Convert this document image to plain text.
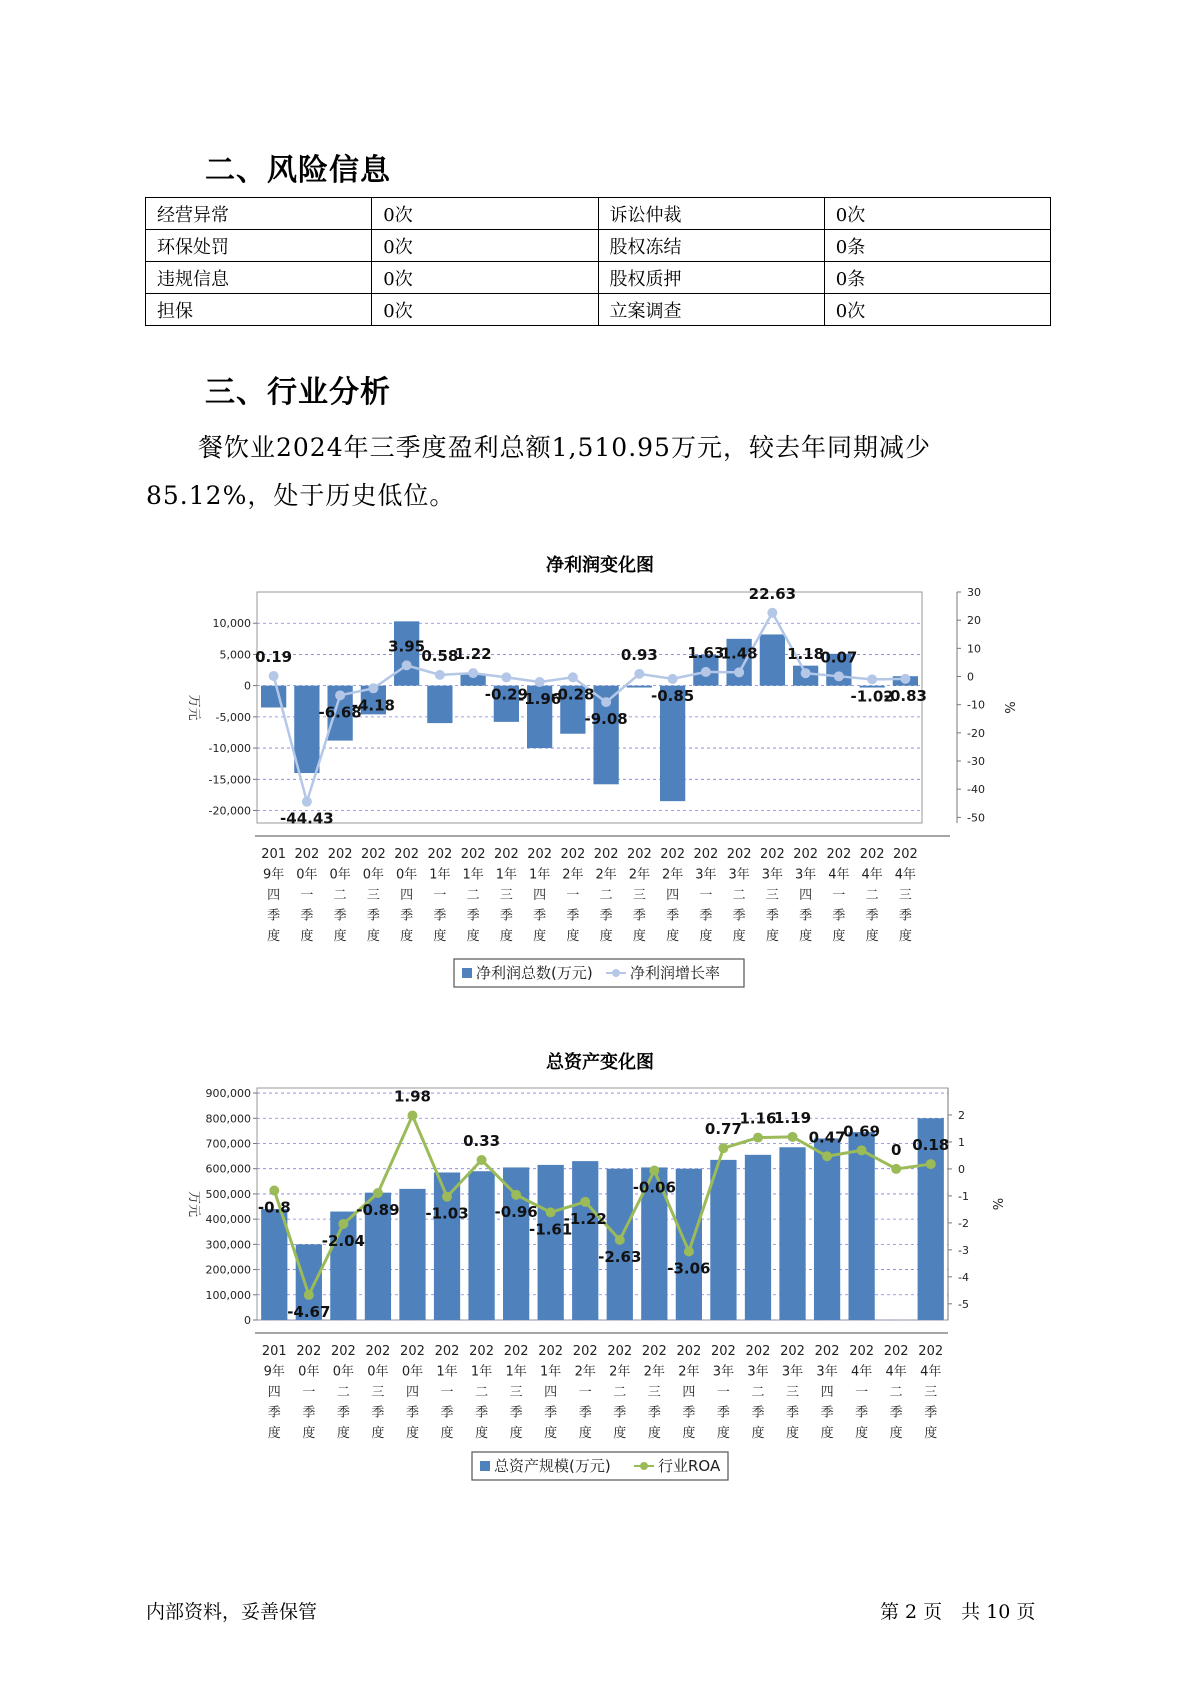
二、风险信息
经营异常	0次	诉讼仲裁	0次
环保处罚	0次	股权冻结	0条
违规信息	0次	股权质押	0条
担保	0次	立案调查	0次
三、行业分析
餐饮业2024年三季度盈利总额1,510.95万元，较去年同期减少85.12%，处于历史低位。
净利润变化图
10,000
5,000
0
-5,000
-10,000
-15,000
-20,000
30
20
10
0
-10
-20
-30
-40
-50
万元	%
201
9年
四
季
度
202
0年
一
季
度
202
0年
二
季
度
202
0年
三
季
度
202
0年
四
季
度
202
1年
一
季
度
202
1年
二
季
度
202
1年
三
季
度
202
1年
四
季
度
202
2年
一
季
度
202
2年
二
季
度
202
2年
三
季
度
202
2年
四
季
度
202
3年
一
季
度
202
3年
二
季
度
202
3年
三
季
度
202
3年
四
季
度
202
4年
一
季
度
202
4年
二
季
度
202
4年
三
季
度
0.19
-44.43
-6.68
-4.18
3.95
0.58
1.22
-0.29
-1.96
-0.28
-9.08
0.93
-0.85
1.63
1.48
22.63
1.18
0.07
-1.02
-0.83
净利润总数(万元) 净利润增长率
总资产变化图
900,000
800,000
700,000
600,000
500,000
400,000
300,000
200,000
100,000
0
2
1
0
-1
-2
-3
-4
-5
万元	%
201
9年
四
季
度
202
0年
一
季
度
202
0年
二
季
度
202
0年
三
季
度
202
0年
四
季
度
202
1年
一
季
度
202
1年
二
季
度
202
1年
三
季
度
202
1年
四
季
度
202
2年
一
季
度
202
2年
二
季
度
202
2年
三
季
度
202
2年
四
季
度
202
3年
一
季
度
202
3年
二
季
度
202
3年
三
季
度
202
3年
四
季
度
202
4年
一
季
度
202
4年
二
季
度
202
4年
三
季
度
-0.8
-4.67
-2.04
-0.89
1.98
-1.03
0.33
-0.96
-1.61
-1.22
-2.63
-0.06
-3.06
0.77
1.16
1.19
0.47
0.69
0 0.18
总资产规模(万元)	行业ROA
内部资料，妥善保管	第 2 页　共 10 页
